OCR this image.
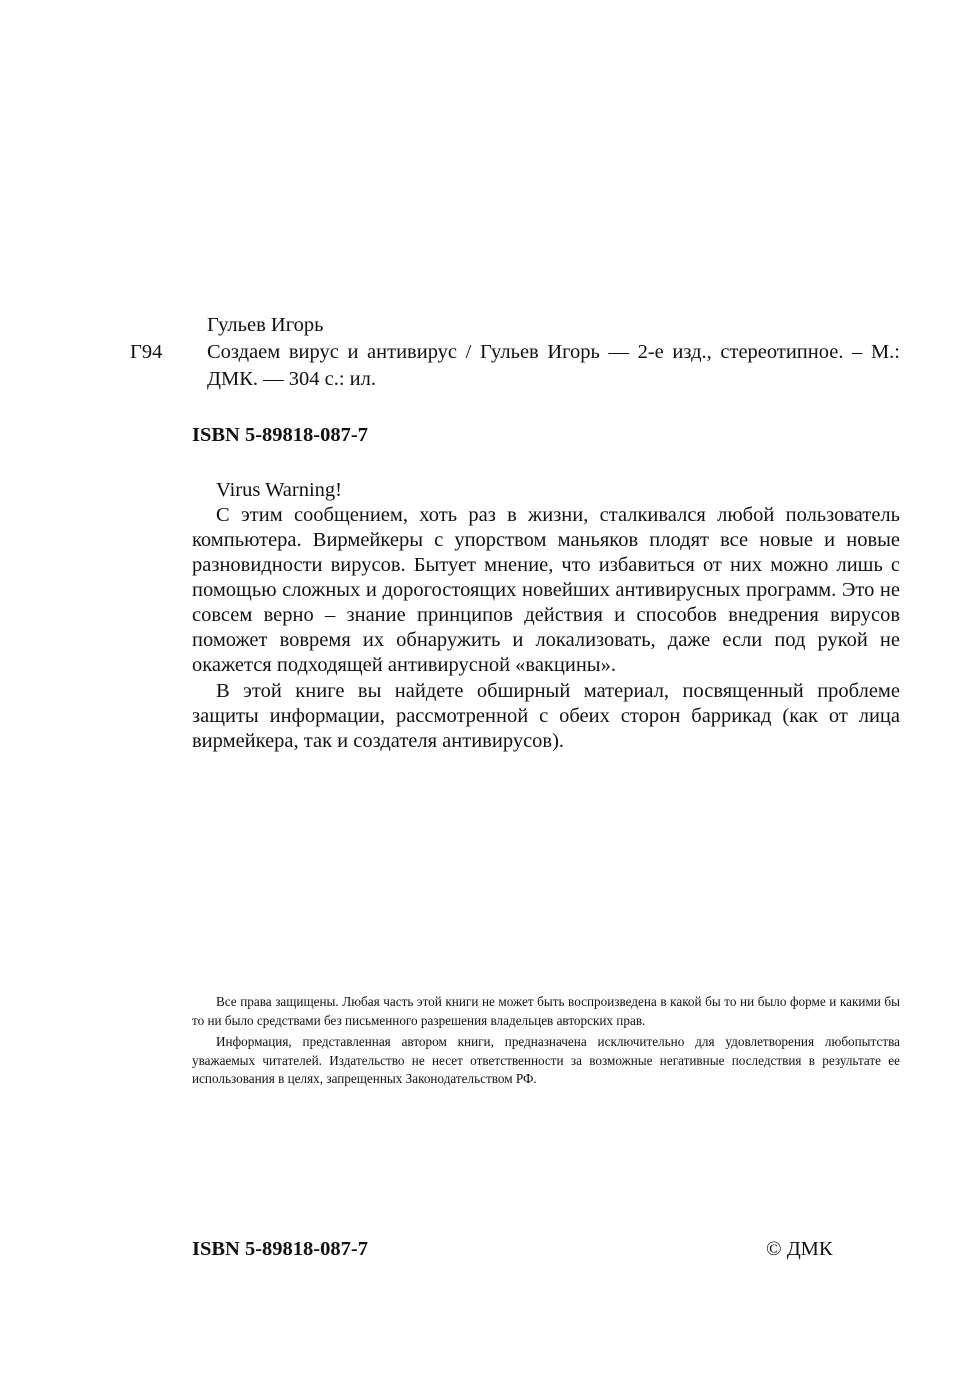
Гульев Игорь
Г94	Создаем вирус и антивирус / Гульев Игорь — 2-е изд., стереотипное. – М.: ДМК. — 304 с.: ил.
ISBN 5-89818-087-7

Virus Warning!

С этим сообщением, хоть раз в жизни, сталкивался любой пользователь компьютера. Вирмейкеры с упорством маньяков плодят все новые и новые разновидности вирусов. Бытует мнение, что избавиться от них можно лишь с помощью сложных и дорогостоящих новейших антивирусных программ. Это не совсем верно – знание принципов действия и способов внедрения вирусов поможет вовремя их обнаружить и локализовать, даже если под рукой не окажется подходящей антивирусной «вакцины».

В этой книге вы найдете обширный материал, посвященный проблеме защиты информации, рассмотренной с обеих сторон баррикад (как от лица вирмейкера, так и создателя антивирусов).

Все права защищены. Любая часть этой книги не может быть воспроизведена в какой бы то ни было форме и какими бы то ни было средствами без письменного разрешения владельцев авторских прав.

Информация, представленная автором книги, предназначена исключительно для удовлетворения любопытства уважаемых читателей. Издательство не несет ответственности за возможные негативные последствия в результате ее использования в целях, запрещенных Законодательством РФ.

ISBN 5-89818-087-7	© ДМК
